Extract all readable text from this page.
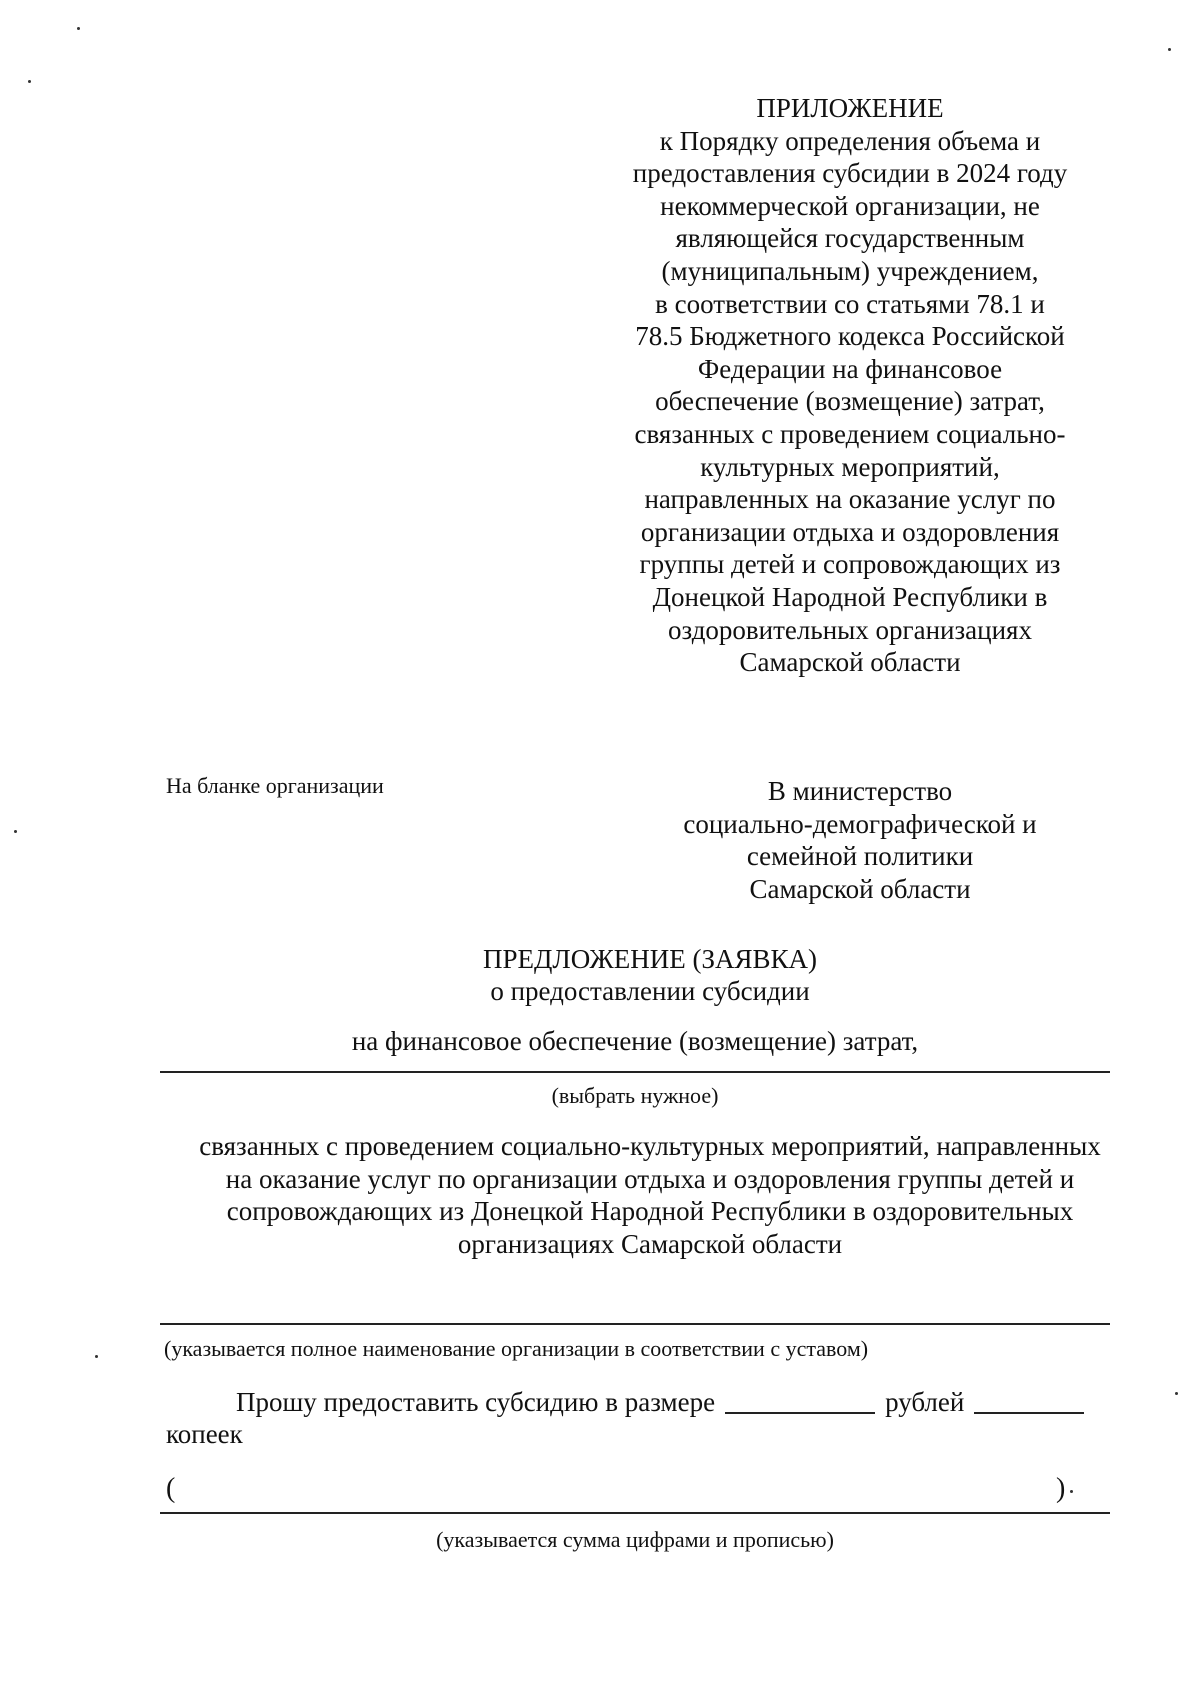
ПРИЛОЖЕНИЕ
к Порядку определения объема и
предоставления субсидии в 2024 году
некоммерческой организации, не
являющейся государственным
(муниципальным) учреждением,
в соответствии со статьями 78.1 и
78.5 Бюджетного кодекса Российской
Федерации на финансовое
обеспечение (возмещение) затрат,
связанных с проведением социально-
культурных мероприятий,
направленных на оказание услуг по
организации отдыха и оздоровления
группы детей и сопровождающих из
Донецкой Народной Республики в
оздоровительных организациях
Самарской области
На бланке организации	В министерство
социально-демографической и
семейной политики
Самарской области
ПРЕДЛОЖЕНИЕ (ЗАЯВКА)
о предоставлении субсидии
на финансовое обеспечение (возмещение) затрат,
(выбрать нужное)
связанных с проведением социально-культурных мероприятий, направленных
на оказание услуг по организации отдыха и оздоровления группы детей и
сопровождающих из Донецкой Народной Республики в оздоровительных
организациях Самарской области
(указывается полное наименование организации в соответствии с уставом)
Прошу предоставить субсидию в размере	рублей
копеек
(	)
(указывается сумма цифрами и прописью)
